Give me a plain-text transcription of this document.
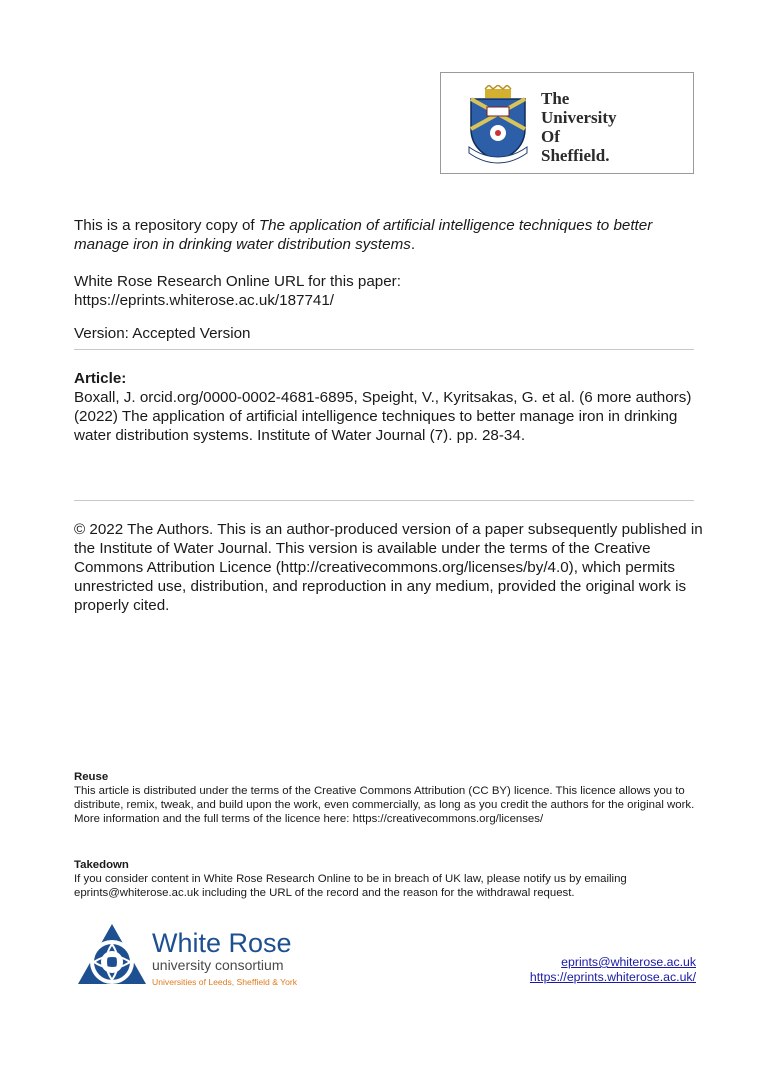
The
University
Of
Sheffield.
This is a repository copy of The application of artificial intelligence techniques to better manage iron in drinking water distribution systems.
White Rose Research Online URL for this paper:
https://eprints.whiterose.ac.uk/187741/
Version: Accepted Version
Article:
Boxall, J. orcid.org/0000-0002-4681-6895, Speight, V., Kyritsakas, G. et al. (6 more authors) (2022) The application of artificial intelligence techniques to better manage iron in drinking water distribution systems. Institute of Water Journal (7). pp. 28-34.
© 2022 The Authors. This is an author-produced version of a paper subsequently published in the Institute of Water Journal. This version is available under the terms of the Creative Commons Attribution Licence (http://creativecommons.org/licenses/by/4.0), which permits unrestricted use, distribution, and reproduction in any medium, provided the original work is properly cited.
Reuse
This article is distributed under the terms of the Creative Commons Attribution (CC BY) licence. This licence allows you to distribute, remix, tweak, and build upon the work, even commercially, as long as you credit the authors for the original work. More information and the full terms of the licence here: https://creativecommons.org/licenses/
Takedown
If you consider content in White Rose Research Online to be in breach of UK law, please notify us by emailing eprints@whiterose.ac.uk including the URL of the record and the reason for the withdrawal request.
White Rose
university consortium
Universities of Leeds, Sheffield & York
eprints@whiterose.ac.uk
https://eprints.whiterose.ac.uk/
